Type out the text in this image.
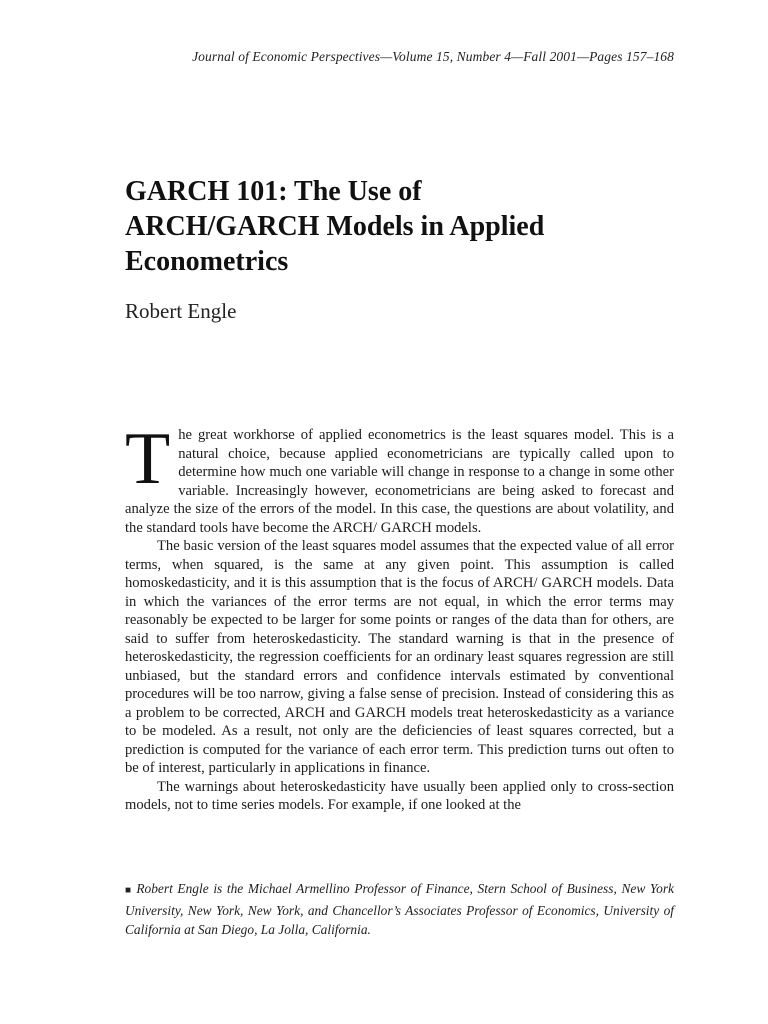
Journal of Economic Perspectives—Volume 15, Number 4—Fall 2001—Pages 157–168
GARCH 101: The Use of
ARCH/GARCH Models in Applied
Econometrics
Robert Engle

The great workhorse of applied econometrics is the least squares model. This is a natural choice, because applied econometricians are typically called upon to determine how much one variable will change in response to a change in some other variable. Increasingly however, econometricians are being asked to forecast and analyze the size of the errors of the model. In this case, the questions are about volatility, and the standard tools have become the ARCH/ GARCH models.

The basic version of the least squares model assumes that the expected value of all error terms, when squared, is the same at any given point. This assumption is called homoskedasticity, and it is this assumption that is the focus of ARCH/ GARCH models. Data in which the variances of the error terms are not equal, in which the error terms may reasonably be expected to be larger for some points or ranges of the data than for others, are said to suffer from heteroskedasticity. The standard warning is that in the presence of heteroskedasticity, the regression coefficients for an ordinary least squares regression are still unbiased, but the standard errors and confidence intervals estimated by conventional procedures will be too narrow, giving a false sense of precision. Instead of considering this as a problem to be corrected, ARCH and GARCH models treat heteroskedasticity as a variance to be modeled. As a result, not only are the deficiencies of least squares corrected, but a prediction is computed for the variance of each error term. This prediction turns out often to be of interest, particularly in applications in finance.

The warnings about heteroskedasticity have usually been applied only to cross-section models, not to time series models. For example, if one looked at the

■ Robert Engle is the Michael Armellino Professor of Finance, Stern School of Business, New York University, New York, New York, and Chancellor’s Associates Professor of Economics, University of California at San Diego, La Jolla, California.
